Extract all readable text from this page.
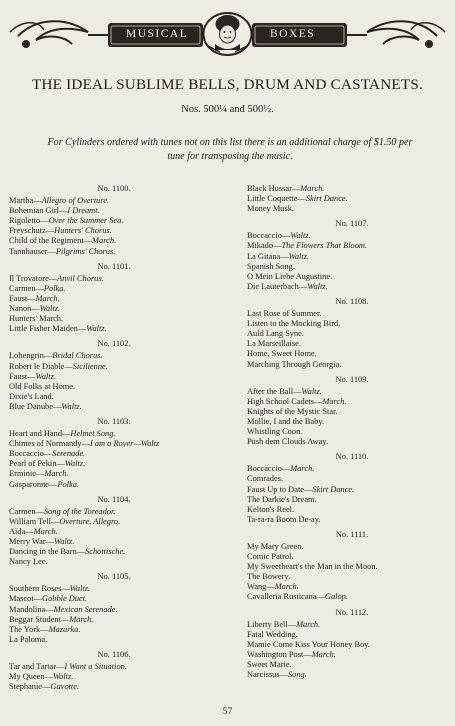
MUSICAL	BOXES
THE IDEAL SUBLIME BELLS, DRUM AND CASTANETS.
Nos. 500¼ and 500½.
For Cylinders ordered with tunes not on this list there is an additional charge of $1.50 per tune for transposing the music.
No. 1100.
Martha—Allegro of Overture.
Bohemian Girl—I Dreamt.
Rigoletto—Over the Summer Sea.
Freyschutz—Hunters' Chorus.
Child of the Regiment—March.
Tannhauser—Pilgrims' Chorus.
No. 1101.
Il Trovatore—Anvil Chorus.
Carmen—Polka.
Faust—March.
Nanon—Waltz.
Hunters' March.
Little Fisher Maiden—Waltz.
No. 1102.
Lohengrin—Bridal Chorus.
Robert le Diable—Sicilienne.
Faust—Waltz.
Old Folks at Home.
Dixie's Land.
Blue Danube—Waltz.
No. 1103.
Heart and Hand—Helmet Song.
Chimes of Normandy—I am a Rover—Waltz
Boccaccio—Serenade.
Pearl of Pekin—Waltz.
Erminie—March.
Gasparonne—Polka.
No. 1104.
Carmen—Song of the Toreador.
William Tell—Overture. Allegro.
Aïda—March.
Merry War—Waltz.
Dancing in the Barn—Schottische.
Nancy Lee.
No. 1105.
Southern Roses—Waltz.
Mascot—Gobble Duet.
Mandolina—Mexican Serenade.
Beggar Student—March.
The York—Mazurka.
La Paloma.
No. 1106.
Tar and Tartar—I Want a Situation.
My Queen—Waltz.
Stephanie—Gavotte.
Black Hussar—March.
Little Coquette—Skirt Dance.
Money Musk.
No. 1107.
Boccaccio—Waltz.
Mikado—The Flowers That Bloom.
La Gitana—Waltz.
Spanish Song.
O Mein Liebe Augustine.
Die Lauterbach—Waltz.
No. 1108.
Last Rose of Summer.
Listen to the Mocking Bird.
Auld Lang Syne.
La Marseillaise.
Home, Sweet Home.
Marching Through Georgia.
No. 1109.
After the Ball—Waltz.
High School Cadets—March.
Knights of the Mystic Star.
Mollie, I and the Baby.
Whistling Coon.
Push dem Clouds Away.
No. 1110.
Boccaccio—March.
Comrades.
Faust Up to Date—Skirt Dance.
The Darkie's Dream.
Kelton's Reel.
Ta-ra-ra Boom De-ay.
No. 1111.
My Mary Green.
Comic Patrol.
My Sweetheart's the Man in the Moon.
The Bowery.
Wang—March.
Cavalleria Rusticana—Galop.
No. 1112.
Liberty Bell—March.
Fatal Wedding.
Mamie Come Kiss Your Honey Boy.
Washington Post—March.
Sweet Marie.
Narcissus—Song.
57
